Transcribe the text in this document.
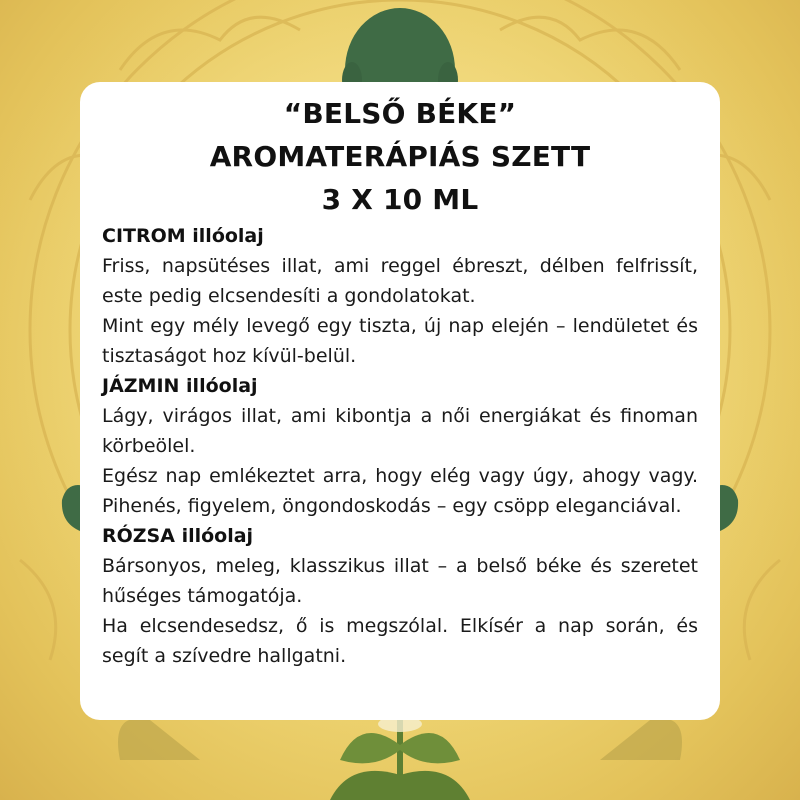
“BELSŐ BÉKE”
AROMATERÁPIÁS SZETT
3 X 10 ML
CITROM illóolaj

Friss, napsütéses illat, ami reggel ébreszt, délben felfrissít, este pedig elcsendesíti a gondolatokat.

Mint egy mély levegő egy tiszta, új nap elején – lendületet és tisztaságot hoz kívül-belül.

JÁZMIN illóolaj

Lágy, virágos illat, ami kibontja a női energiákat és finoman körbeölel.

Egész nap emlékeztet arra, hogy elég vagy úgy, ahogy vagy. Pihenés, figyelem, öngondoskodás – egy csöpp eleganciával.

RÓZSA illóolaj

Bársonyos, meleg, klasszikus illat – a belső béke és szeretet hűséges támogatója.

Ha elcsendesedsz, ő is megszólal. Elkísér a nap során, és segít a szívedre hallgatni.
